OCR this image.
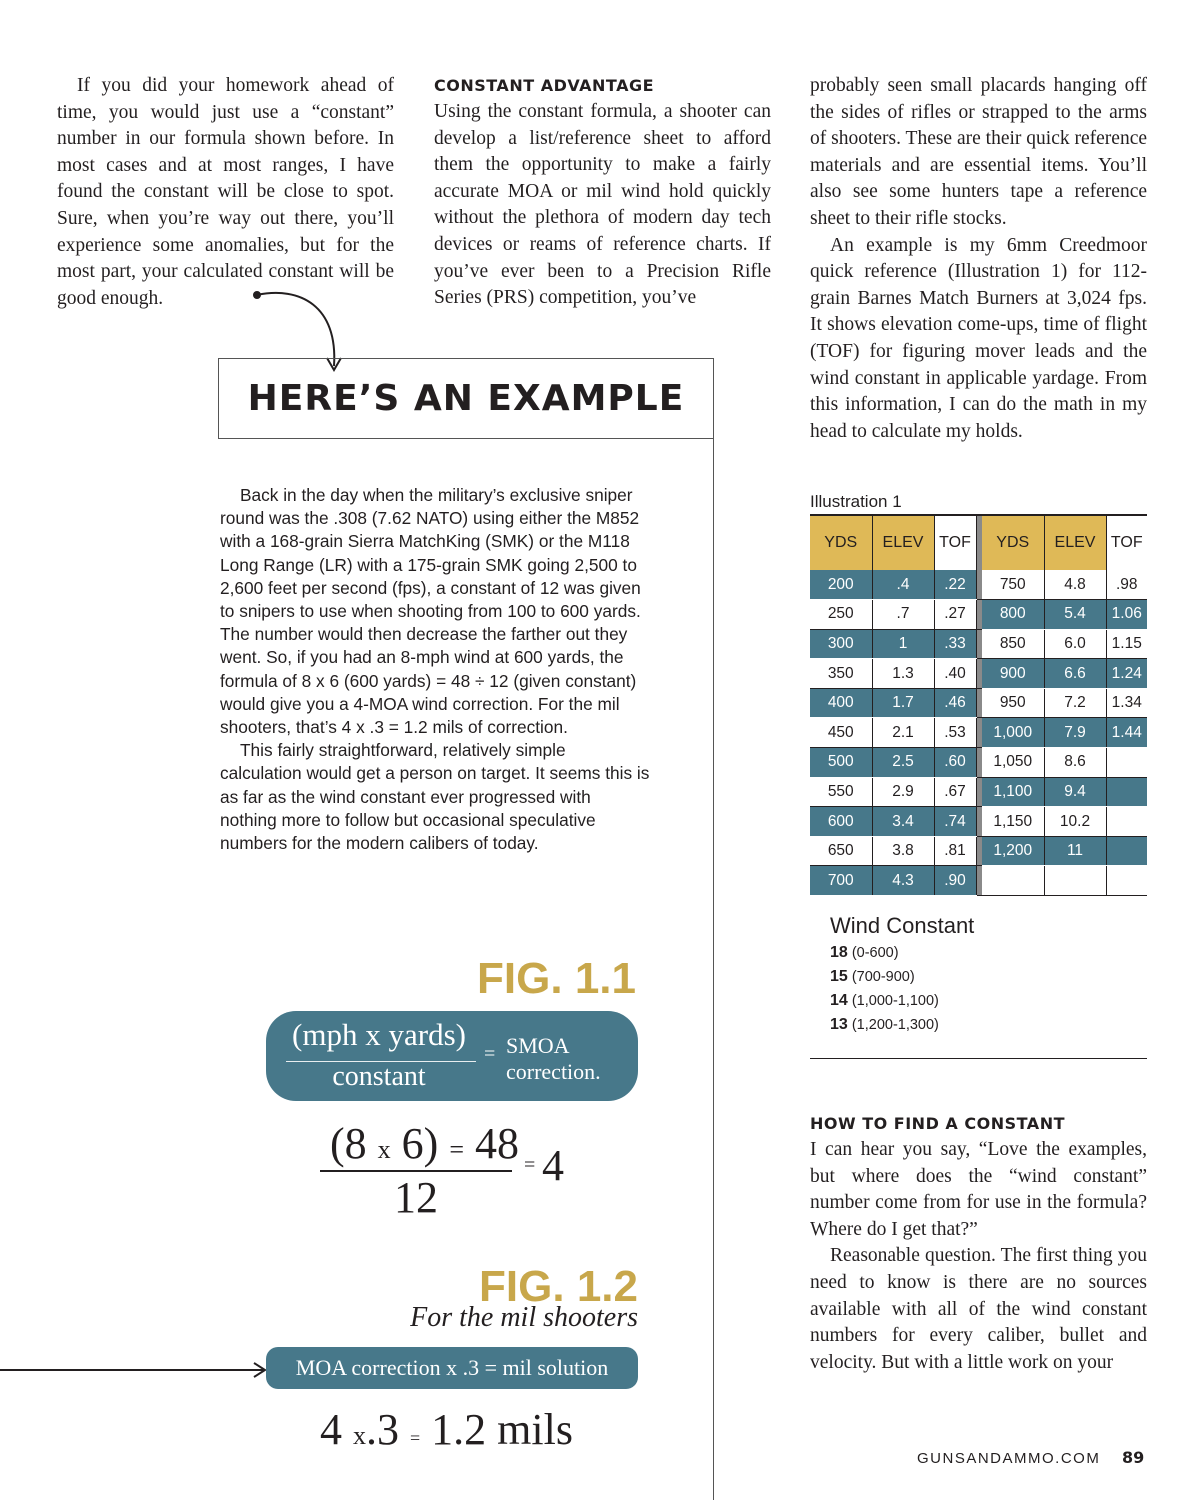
If you did your homework ahead of time, you would just use a “constant” number in our formula shown before. In most cases and at most ranges, I have found the constant will be close to spot. Sure, when you’re way out there, you’ll experience some anomalies, but for the most part, your calculated constant will be good enough.

CONSTANT ADVANTAGE

Using the constant formula, a shooter can develop a list/reference sheet to afford them the opportunity to make a fairly accurate MOA or mil wind hold quickly without the plethora of modern day tech devices or reams of reference charts. If you’ve ever been to a Precision Rifle Series (PRS) competition, you’ve

probably seen small placards hanging off the sides of rifles or strapped to the arms of shooters. These are their quick reference materials and are essential items. You’ll also see some hunters tape a reference sheet to their rifle stocks.

An example is my 6mm Creedmoor quick reference (Illustration 1) for 112-grain Barnes Match Burners at 3,024 fps. It shows elevation come-ups, time of flight (TOF) for figuring mover leads and the wind constant in applicable yardage. From this information, I can do the math in my head to calculate my holds.

HERE’S AN EXAMPLE

Back in the day when the military’s exclusive sniper round was the .308 (7.62 NATO) using either the M852 with a 168-grain Sierra MatchKing (SMK) or the M118 Long Range (LR) with a 175-grain SMK going 2,500 to 2,600 feet per second (fps), a constant of 12 was given to snipers to use when shooting from 100 to 600 yards. The number would then decrease the farther out they went. So, if you had an 8-mph wind at 600 yards, the formula of 8 x 6 (600 yards) = 48 ÷ 12 (given constant) would give you a 4-MOA wind correction. For the mil shooters, that’s 4 x .3 = 1.2 mils of correction.

This fairly straightforward, relatively simple calculation would get a person on target. It seems this is as far as the wind constant ever progressed with nothing more to follow but occasional speculative numbers for the modern calibers of today.

FIG. 1.1
(mph x yards)
constant
= SMOA
correction.
(8 x 6) = 48
12
= 4
FIG. 1.2
For the mil shooters
MOA correction x .3 = mil solution
4 x.3 = 1.2 mils
Illustration 1
YDS	ELEV	TOF		YDS	ELEV	TOF
200	.4	.22		750	4.8	.98
250	.7	.27		800	5.4	1.06
300	1	.33		850	6.0	1.15
350	1.3	.40		900	6.6	1.24
400	1.7	.46		950	7.2	1.34
450	2.1	.53		1,000	7.9	1.44
500	2.5	.60		1,050	8.6	
550	2.9	.67		1,100	9.4	
600	3.4	.74		1,150	10.2	
650	3.8	.81		1,200	11	
700	4.3	.90				
Wind Constant
18 (0-600)
15 (700-900)
14 (1,000-1,100)
13 (1,200-1,300)
HOW TO FIND A CONSTANT

I can hear you say, “Love the examples, but where does the “wind constant” number come from for use in the formula? Where do I get that?”

Reasonable question. The first thing you need to know is there are no sources available with all of the wind constant numbers for every caliber, bullet and velocity. But with a little work on your

GUNSANDAMMO.COM 89
